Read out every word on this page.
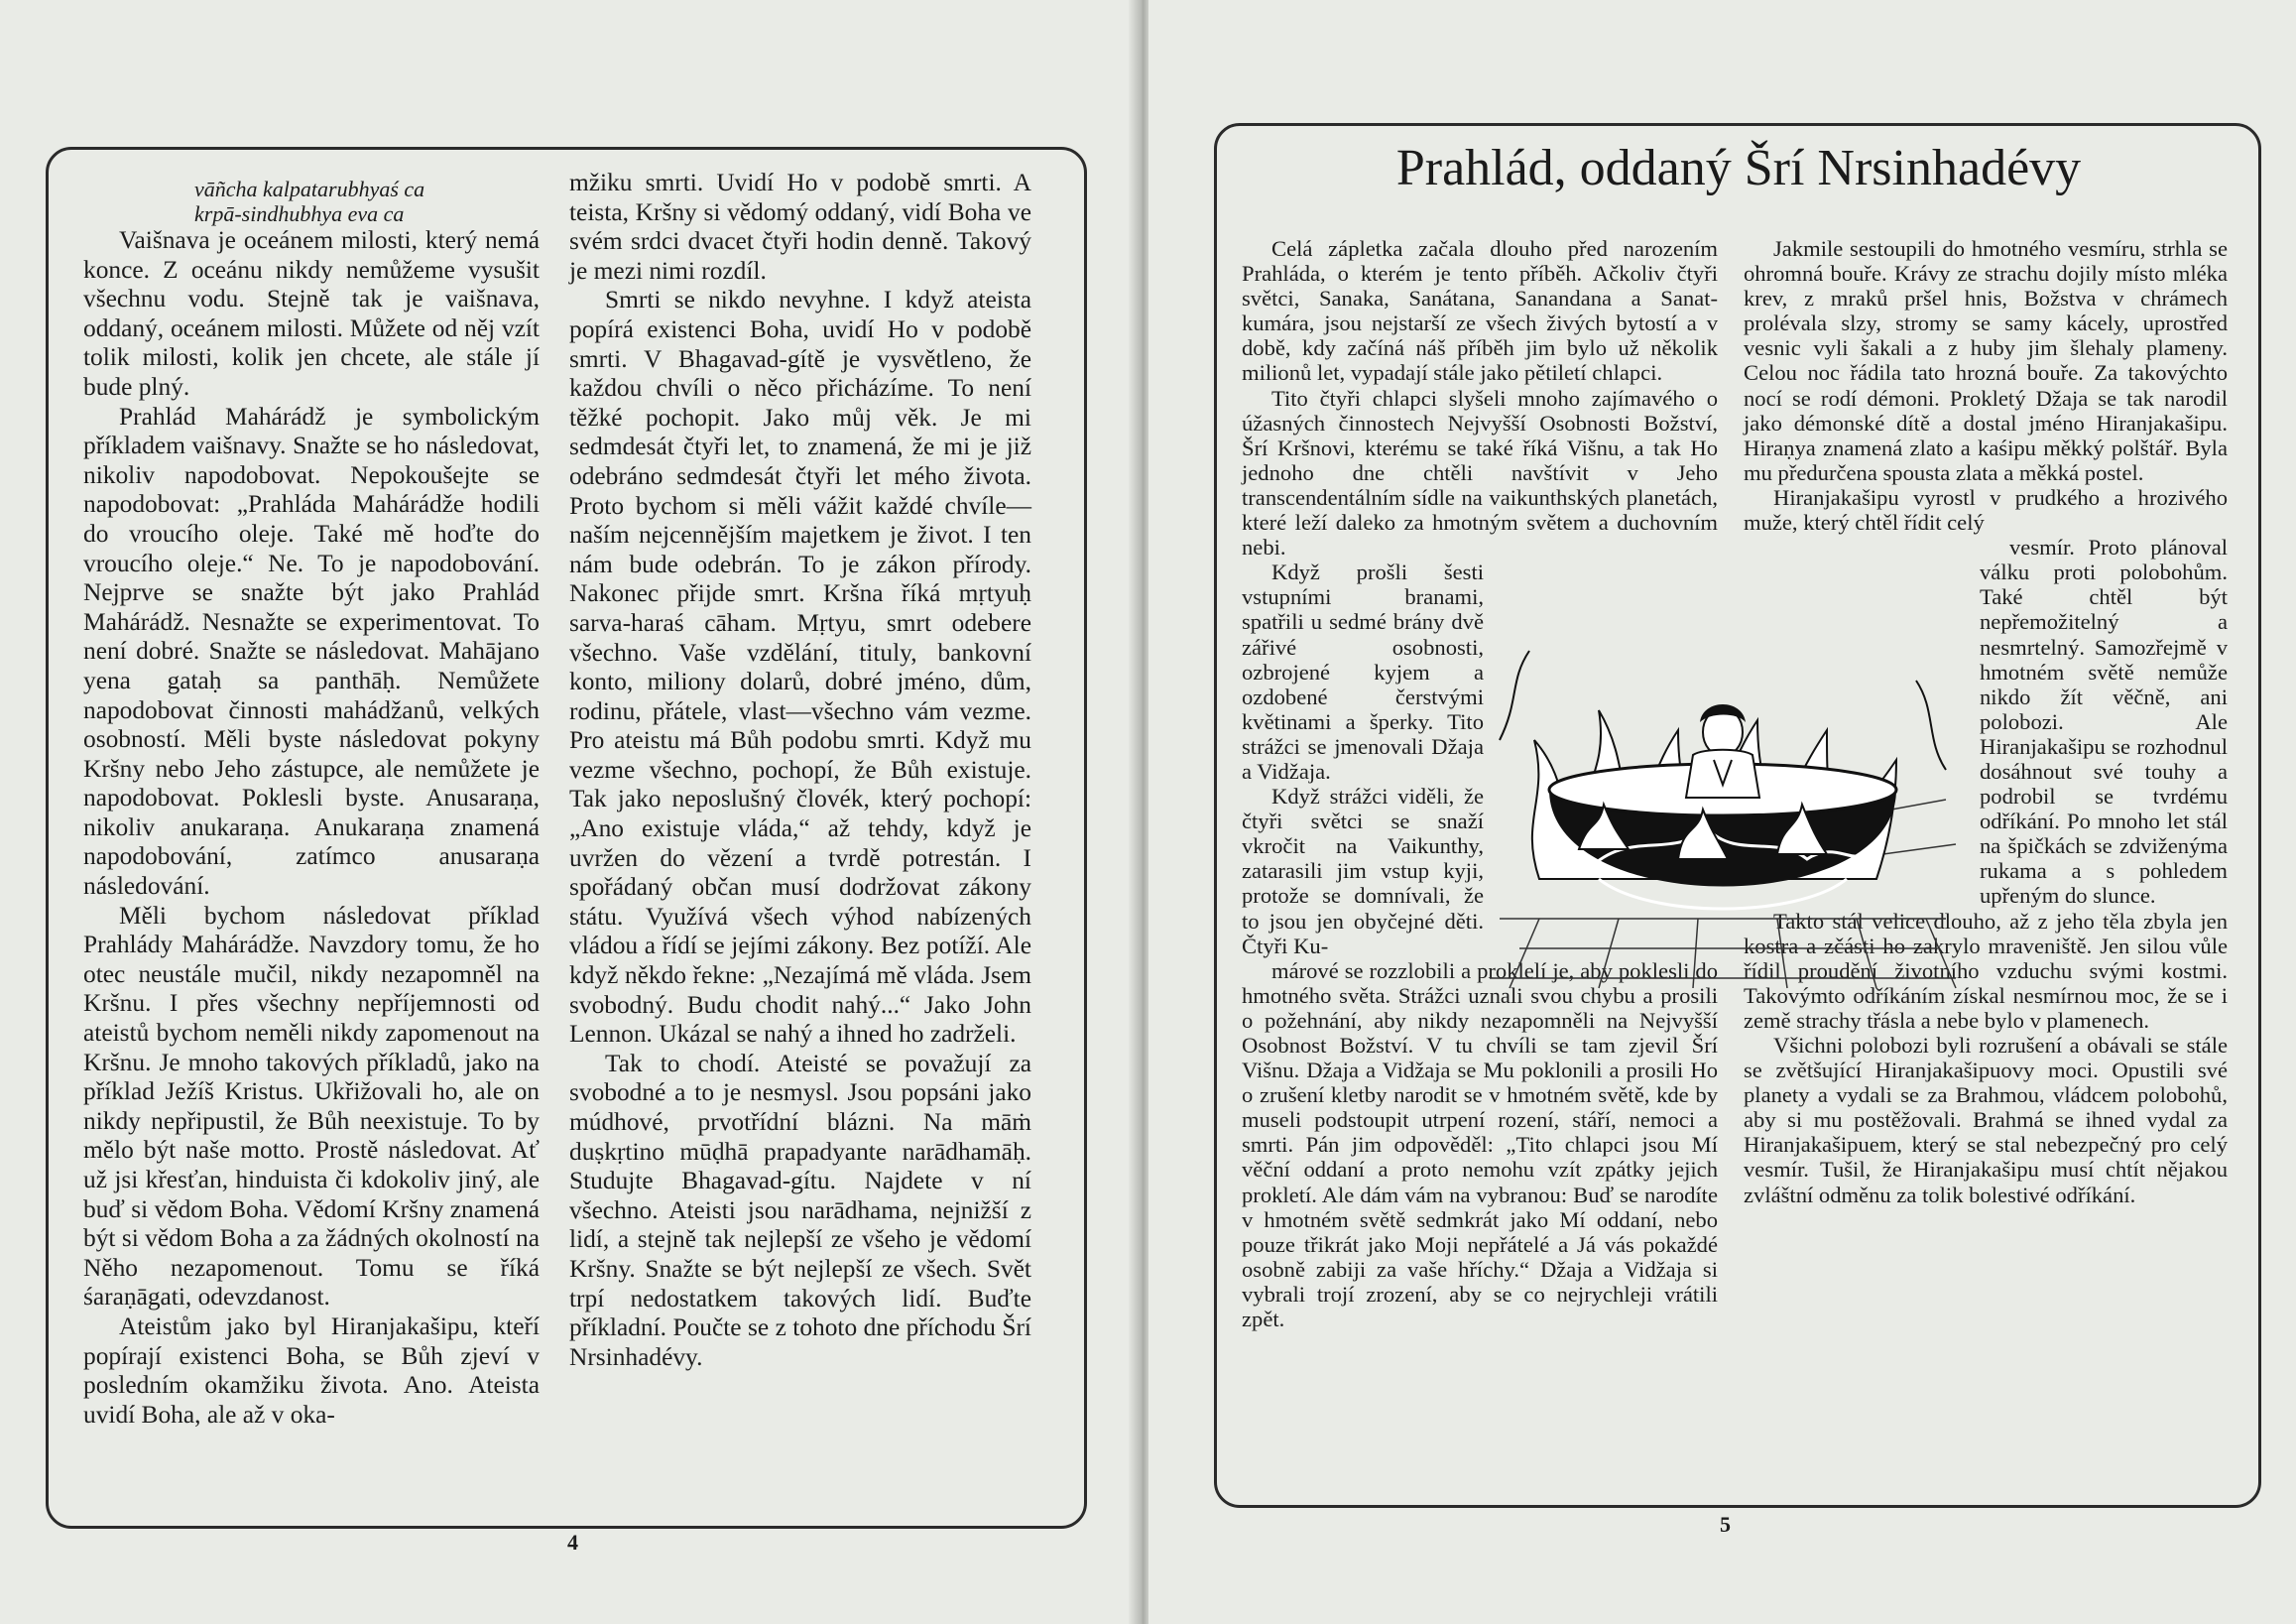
vāñcha kalpatarubhyaś ca

krpā-sindhubhya eva ca

Vaišnava je oceánem milosti, který nemá konce. Z oceánu nikdy nemůžeme vysušit všechnu vodu. Stejně tak je vaišnava, oddaný, oceánem milosti. Můžete od něj vzít tolik milosti, kolik jen chcete, ale stále jí bude plný.

Prahlád Mahárádž je symbolickým příkladem vaišnavy. Snažte se ho následovat, nikoliv napodobovat. Nepokoušejte se napodobovat: „Prahláda Mahárádže hodili do vroucího oleje. Také mě hoďte do vroucího oleje.“ Ne. To je napodobování. Nejprve se snažte být jako Prahlád Mahárádž. Nesnažte se experimentovat. To není dobré. Snažte se následovat. Mahājano yena gataḥ sa panthāḥ. Nemůžete napodobovat činnosti mahádžanů, velkých osobností. Měli byste následovat pokyny Kršny nebo Jeho zástupce, ale nemůžete je napodobovat. Poklesli byste. Anusaraṇa, nikoliv anukaraṇa. Anukaraṇa znamená napodobování, zatímco anusaraṇa následování.

Měli bychom následovat příklad Prahlády Mahárádže. Navzdory tomu, že ho otec neustále mučil, nikdy nezapomněl na Kršnu. I přes všechny nepříjemnosti od ateistů bychom neměli nikdy zapomenout na Kršnu. Je mnoho takových příkladů, jako na příklad Ježíš Kristus. Ukřižovali ho, ale on nikdy nepřipustil, že Bůh neexistuje. To by mělo být naše motto. Prostě následovat. Ať už jsi křesťan, hinduista či kdokoliv jiný, ale buď si vědom Boha. Vědomí Kršny znamená být si vědom Boha a za žádných okolností na Něho nezapomenout. Tomu se říká śaraṇāgati, odevzdanost.

Ateistům jako byl Hiranjakašipu, kteří popírají existenci Boha, se Bůh zjeví v posledním okamžiku života. Ano. Ateista uvidí Boha, ale až v oka-

mžiku smrti. Uvidí Ho v podobě smrti. A teista, Kršny si vědomý oddaný, vidí Boha ve svém srdci dvacet čtyři hodin denně. Takový je mezi nimi rozdíl.

Smrti se nikdo nevyhne. I když ateista popírá existenci Boha, uvidí Ho v podobě smrti. V Bhagavad-gítě je vysvětleno, že každou chvíli o něco přicházíme. To není těžké pochopit. Jako můj věk. Je mi sedmdesát čtyři let, to znamená, že mi je již odebráno sedmdesát čtyři let mého života. Proto bychom si měli vážit každé chvíle—naším nejcennějším majetkem je život. I ten nám bude odebrán. To je zákon přírody. Nakonec přijde smrt. Kršna říká mṛtyuḥ sarva-haraś cāham. Mṛtyu, smrt odebere všechno. Vaše vzdělání, tituly, bankovní konto, miliony dolarů, dobré jméno, dům, rodinu, přátele, vlast—všechno vám vezme. Pro ateistu má Bůh podobu smrti. Když mu vezme všechno, pochopí, že Bůh existuje. Tak jako neposlušný človék, který pochopí: „Ano existuje vláda,“ až tehdy, když je uvržen do vězení a tvrdě potrestán. I spořádaný občan musí dodržovat zákony státu. Využívá všech výhod nabízených vládou a řídí se jejími zákony. Bez potíží. Ale když někdo řekne: „Nezajímá mě vláda. Jsem svobodný. Budu chodit nahý...“ Jako John Lennon. Ukázal se nahý a ihned ho zadrželi.

Tak to chodí. Ateisté se považují za svobodné a to je nesmysl. Jsou popsáni jako múdhové, prvotřídní blázni. Na māṁ duṣkṛtino mūḍhā prapadyante narādhamāḥ. Studujte Bhagavad-gítu. Najdete v ní všechno. Ateisti jsou narādhama, nejnižší z lidí, a stejně tak nejlepší ze všeho je vědomí Kršny. Snažte se být nejlepší ze všech. Svět trpí nedostatkem takových lidí. Buďte příkladní. Poučte se z tohoto dne příchodu Šrí Nrsinhadévy.

4
Prahlád, oddaný Šrí Nrsinhadévy

Celá zápletka začala dlouho před narozením Prahláda, o kterém je tento příběh. Ačkoliv čtyři světci, Sanaka, Sanátana, Sanandana a Sanat-kumára, jsou nejstarší ze všech živých bytostí a v době, kdy začíná náš příběh jim bylo už několik milionů let, vypadají stále jako pětiletí chlapci.

Tito čtyři chlapci slyšeli mnoho zajímavého o úžasných činnostech Nejvyšší Osobnosti Božství, Šrí Kršnovi, kterému se také říká Višnu, a tak Ho jednoho dne chtěli navštívit v Jeho transcendentálním sídle na vaikunthských planetách, které leží daleko za hmotným světem a duchovním nebi.

Když prošli šesti vstupními branami, spatřili u sedmé brány dvě zářivé osobnosti, ozbrojené kyjem a ozdobené čerstvými květinami a šperky. Tito strážci se jmenovali Džaja a Vidžaja.

Když strážci viděli, že čtyři světci se snaží vkročit na Vaikunthy, zatarasili jim vstup kyji, protože se domnívali, že to jsou jen obyčejné děti. Čtyři Ku-

márové se rozzlobili a proklelí je, aby poklesli do hmotného světa. Strážci uznali svou chybu a prosili o požehnání, aby nikdy nezapomněli na Nejvyšší Osobnost Božství. V tu chvíli se tam zjevil Šrí Višnu. Džaja a Vidžaja se Mu poklonili a prosili Ho o zrušení kletby narodit se v hmotném světě, kde by museli podstoupit utrpení rození, stáří, nemoci a smrti. Pán jim odpověděl: „Tito chlapci jsou Mí věční oddaní a proto nemohu vzít zpátky jejich prokletí. Ale dám vám na vybranou: Buď se narodíte v hmotném světě sedmkrát jako Mí oddaní, nebo pouze třikrát jako Moji nepřátelé a Já vás pokaždé osobně zabiji za vaše hříchy.“ Džaja a Vidžaja si vybrali trojí zrození, aby se co nejrychleji vrátili zpět.

Jakmile sestoupili do hmotného vesmíru, strhla se ohromná bouře. Krávy ze strachu dojily místo mléka krev, z mraků pršel hnis, Božstva v chrámech prolévala slzy, stromy se samy kácely, uprostřed vesnic vyli šakali a z huby jim šlehaly plameny. Celou noc řádila tato hrozná bouře. Za takovýchto nocí se rodí démoni. Prokletý Džaja se tak narodil jako démonské dítě a dostal jméno Hiranjakašipu. Hiraṇya znamená zlato a kaśipu měkký polštář. Byla mu předurčena spousta zlata a měkká postel.

Hiranjakašipu vyrostl v prudkého a hrozivého muže, který chtěl řídit celý

vesmír. Proto plánoval válku proti polobohům. Také chtěl být nepřemožitelný a nesmrtelný. Samozřejmě v hmotném světě nemůže nikdo žít věčně, ani polobozi. Ale Hiranjakašipu se rozhodnul dosáhnout své touhy a podrobil se tvrdému odříkání. Po mnoho let stál na špičkách se zdviženýma rukama a s pohledem upřeným do slunce.

Takto stál velice dlouho, až z jeho těla zbyla jen kostra a zčásti ho zakrylo mraveniště. Jen silou vůle řídil proudění životního vzduchu svými kostmi. Takovýmto odříkáním získal nesmírnou moc, že se i země strachy třásla a nebe bylo v plamenech.

Všichni polobozi byli rozrušení a obávali se stále se zvětšující Hiranjakašipuovy moci. Opustili své planety a vydali se za Brahmou, vládcem polobohů, aby si mu postěžovali. Brahmá se ihned vydal za Hiranjakašipuem, který se stal nebezpečný pro celý vesmír. Tušil, že Hiranjakašipu musí chtít nějakou zvláštní odměnu za tolik bolestivé odříkání.

5
